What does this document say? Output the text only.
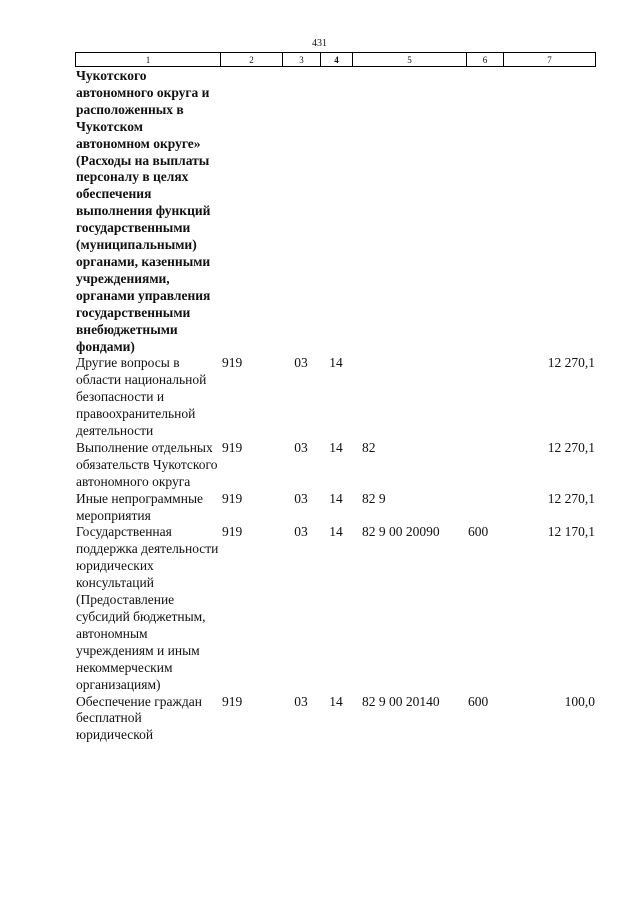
431
1	2	3	4	5	6	7
Чукотского автономного округа и расположенных в Чукотском автономном округе» (Расходы на выплаты персоналу в целях обеспечения выполнения функций государственными (муниципальными) органами, казенными учреждениями, органами управления государственными внебюджетными фондами)						
Другие вопросы в области национальной безопасности и правоохранительной деятельности	919	03	14			12 270,1
Выполнение отдельных обязательств Чукотского автономного округа	919	03	14	82		12 270,1
Иные непрограммные мероприятия	919	03	14	82 9		12 270,1
Государственная поддержка деятельности юридических консультаций (Предоставление субсидий бюджетным, автономным учреждениям и иным некоммерческим организациям)	919	03	14	82 9 00 20090	600	12 170,1
Обеспечение граждан бесплатной юридической	919	03	14	82 9 00 20140	600	100,0
